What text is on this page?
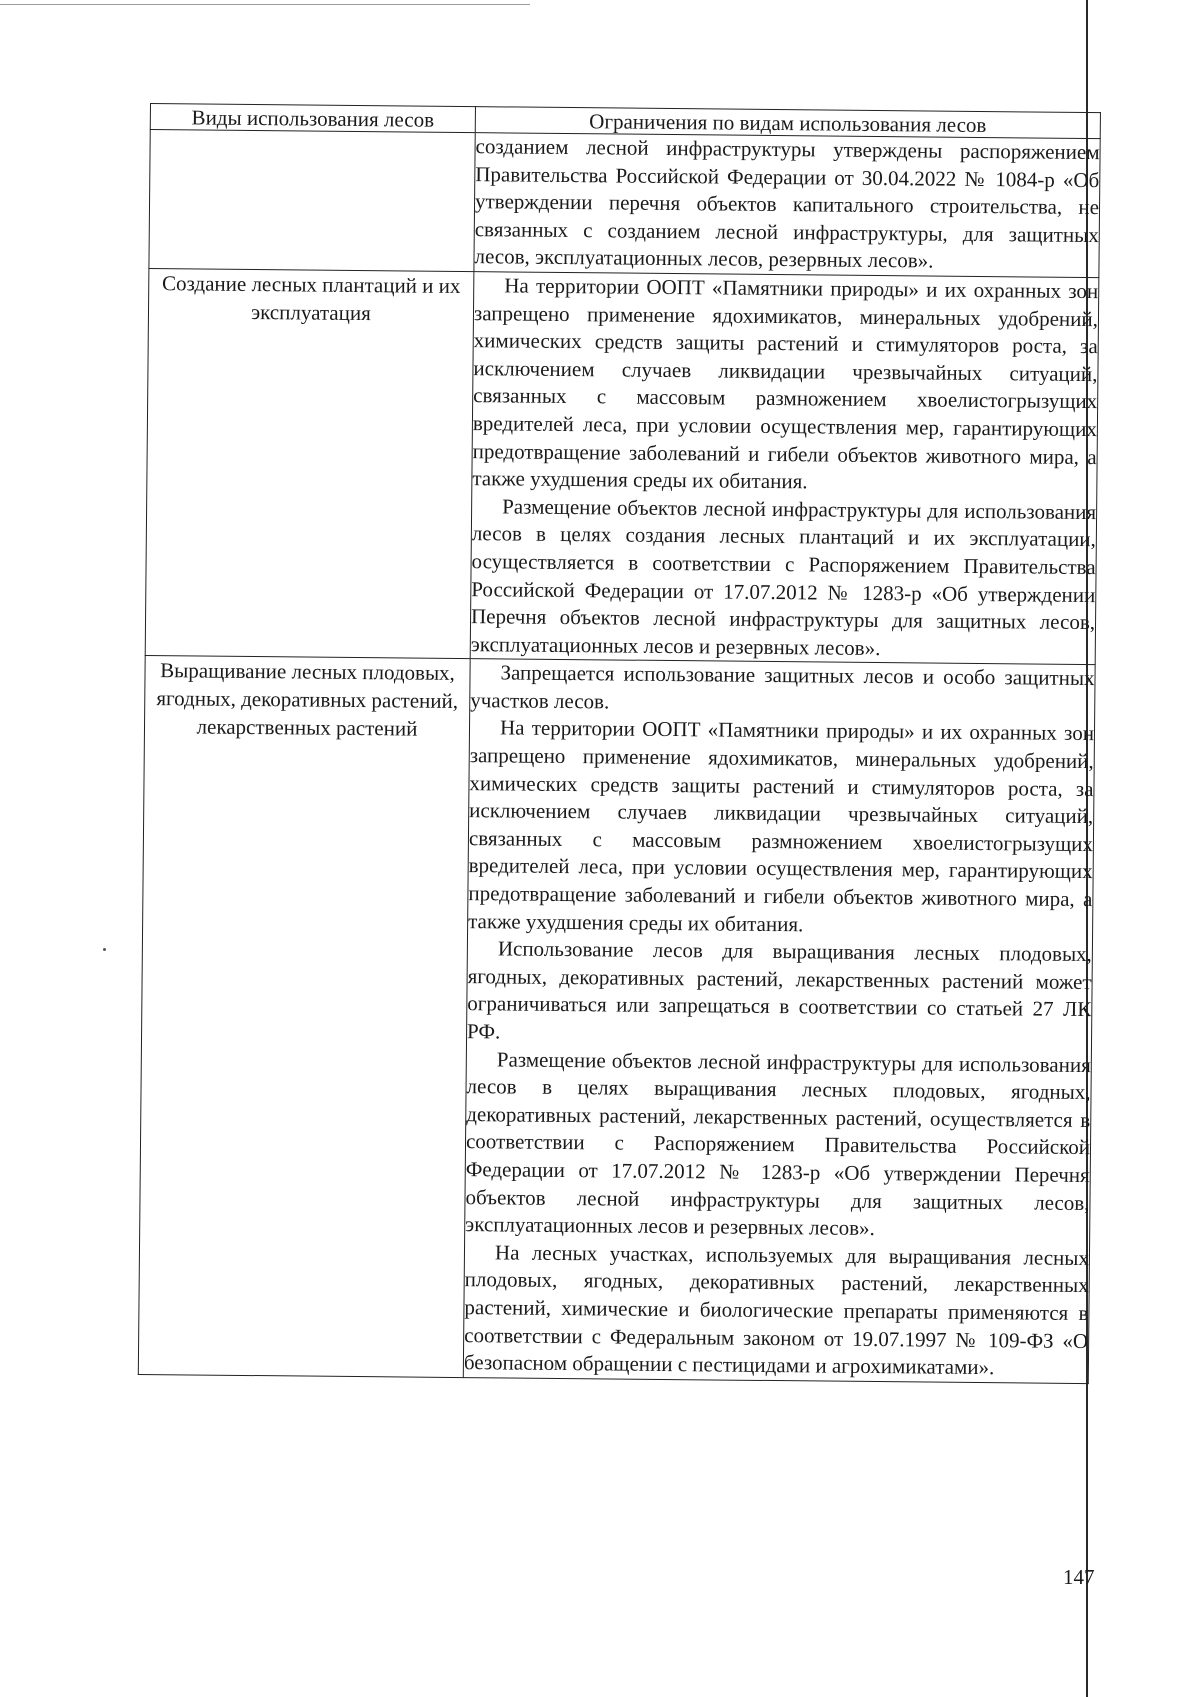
Виды использования лесов	Ограничения по видам использования лесов

	созданием лесной инфраструктуры утверждены распоряжением Правительства Российской Федерации от 30.04.2022 № 1084-р «Об утверждении перечня объектов капитального строительства, не связанных с созданием лесной инфраструктуры, для защитных лесов, эксплуатационных лесов, резервных лесов».

Создание лесных плантаций и их эксплуатация	На территории ООПТ «Памятники природы» и их охранных зон запрещено применение ядохимикатов, минеральных удобрений, химических средств защиты растений и стимуляторов роста, за исключением случаев ликвидации чрезвычайных ситуаций, связанных с массовым размножением хвоелистогрызущих вредителей леса, при условии осуществления мер, гарантирующих предотвращение заболеваний и гибели объектов животного мира, а также ухудшения среды их обитания.

Размещение объектов лесной инфраструктуры для использования лесов в целях создания лесных плантаций и их эксплуатации, осуществляется в соответствии с Распоряжением Правительства Российской Федерации от 17.07.2012 № 1283-р «Об утверждении Перечня объектов лесной инфраструктуры для защитных лесов, эксплуатационных лесов и резервных лесов».

Выращивание лесных плодовых, ягодных, декоративных растений, лекарственных растений	Запрещается использование защитных лесов и особо защитных участков лесов.

На территории ООПТ «Памятники природы» и их охранных зон запрещено применение ядохимикатов, минеральных удобрений, химических средств защиты растений и стимуляторов роста, за исключением случаев ликвидации чрезвычайных ситуаций, связанных с массовым размножением хвоелистогрызущих вредителей леса, при условии осуществления мер, гарантирующих предотвращение заболеваний и гибели объектов животного мира, а также ухудшения среды их обитания.

Использование лесов для выращивания лесных плодовых, ягодных, декоративных растений, лекарственных растений может ограничиваться или запрещаться в соответствии со статьей 27 ЛК РФ.

Размещение объектов лесной инфраструктуры для использования лесов в целях выращивания лесных плодовых, ягодных, декоративных растений, лекарственных растений, осуществляется в соответствии с Распоряжением Правительства Российской Федерации от 17.07.2012 № 1283-р «Об утверждении Перечня объектов лесной инфраструктуры для защитных лесов, эксплуатационных лесов и резервных лесов».

На лесных участках, используемых для выращивания лесных плодовых, ягодных, декоративных растений, лекарственных растений, химические и биологические препараты применяются в соответствии с Федеральным законом от 19.07.1997 № 109-ФЗ «О безопасном обращении с пестицидами и агрохимикатами».

147
